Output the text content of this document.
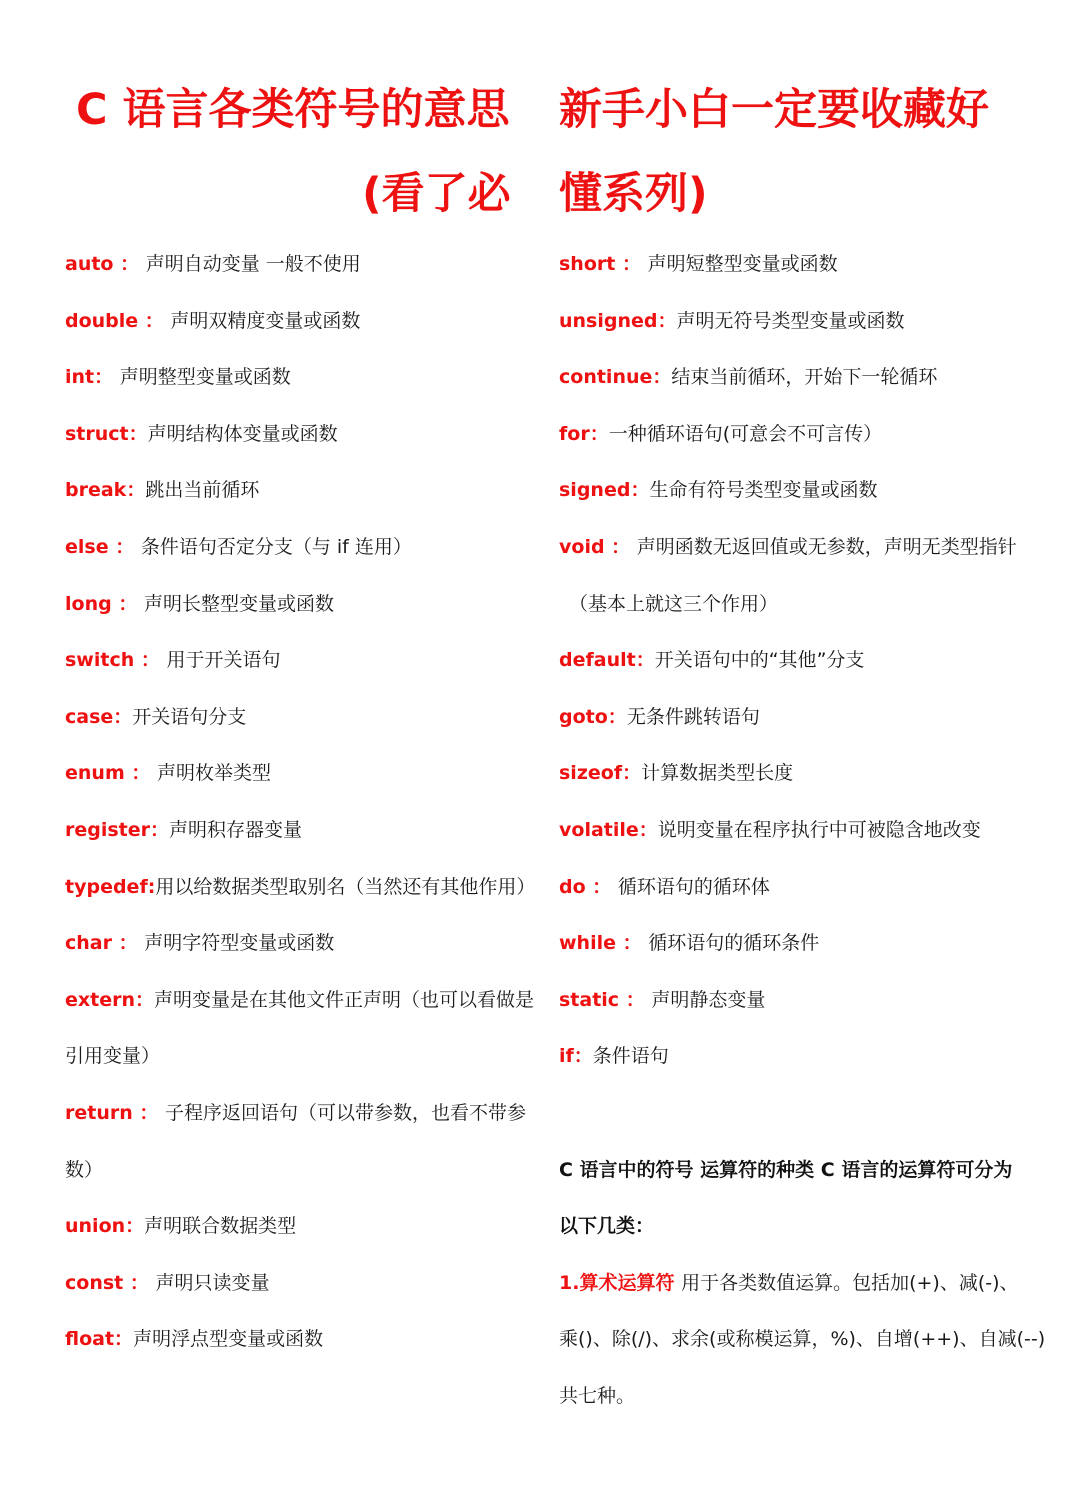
C 语言各类符号的意思 新手小白一定要收藏好
(看了必 懂系列)
auto ： 声明自动变量 一般不使用
double ： 声明双精度变量或函数
int： 声明整型变量或函数
struct：声明结构体变量或函数
break：跳出当前循环
else ： 条件语句否定分支（与 if 连用）
long ： 声明长整型变量或函数
switch ： 用于开关语句
case：开关语句分支
enum ： 声明枚举类型
register：声明积存器变量
typedef:用以给数据类型取别名（当然还有其他作用）
char ： 声明字符型变量或函数
extern：声明变量是在其他文件正声明（也可以看做是
引用变量）
return ： 子程序返回语句（可以带参数，也看不带参
数）
union：声明联合数据类型
const ： 声明只读变量
float：声明浮点型变量或函数
short ： 声明短整型变量或函数
unsigned：声明无符号类型变量或函数
continue：结束当前循环，开始下一轮循环
for：一种循环语句(可意会不可言传）
signed：生命有符号类型变量或函数
void ： 声明函数无返回值或无参数，声明无类型指针
（基本上就这三个作用）
default：开关语句中的“其他”分支
goto：无条件跳转语句
sizeof：计算数据类型长度
volatile：说明变量在程序执行中可被隐含地改变
do ： 循环语句的循环体
while ： 循环语句的循环条件
static ： 声明静态变量
if：条件语句
C 语言中的符号 运算符的种类 C 语言的运算符可分为
以下几类：
1.算术运算符 用于各类数值运算。包括加(+)、减(-)、
乘()、除(/)、求余(或称模运算，%)、自增(++)、自减(--)
共七种。
